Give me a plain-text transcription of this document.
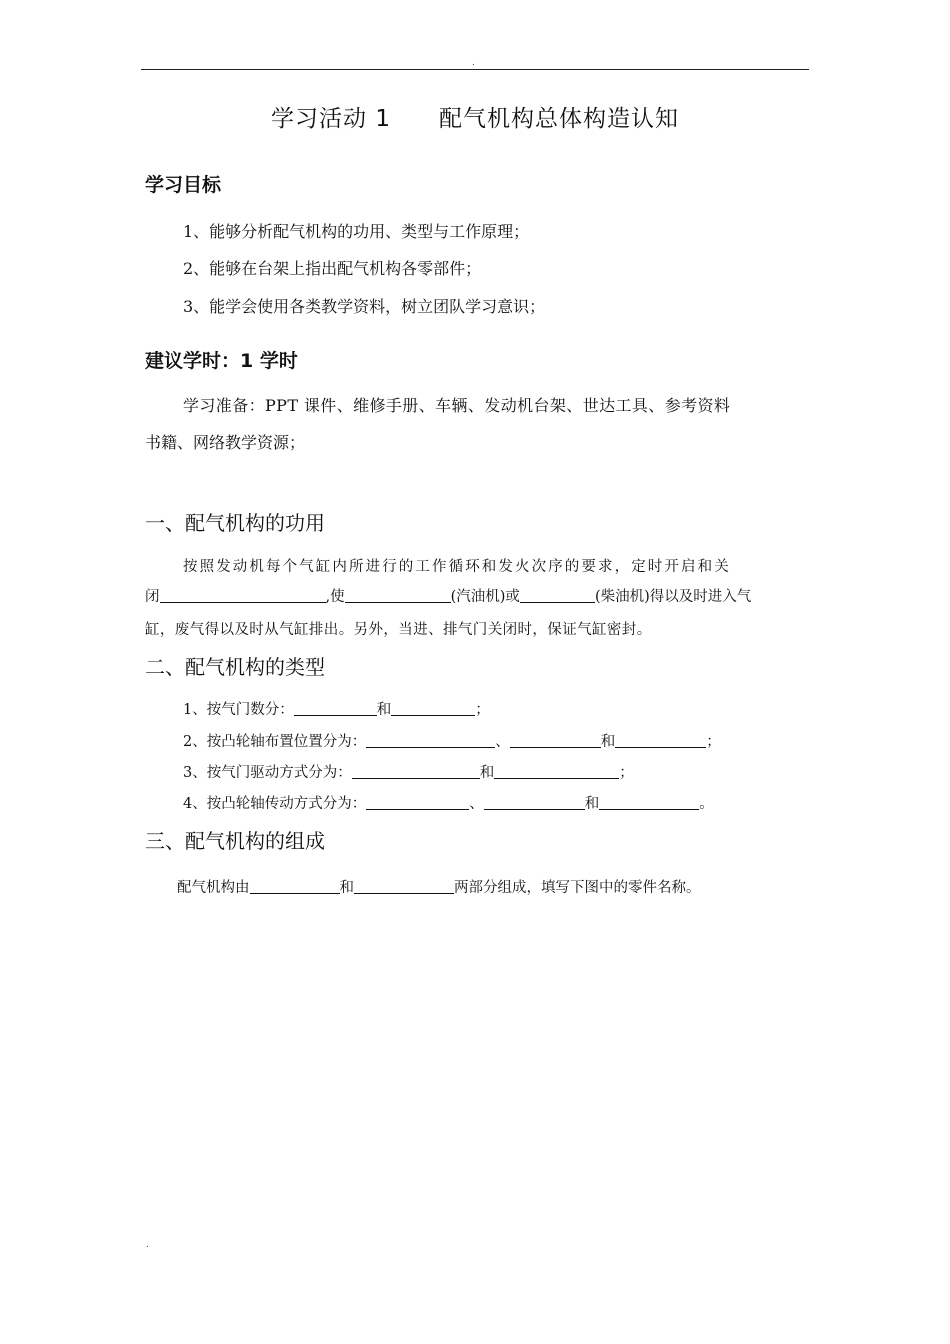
.
学习活动 1 配气机构总体构造认知
学习目标
1、能够分析配气机构的功用、类型与工作原理；
2、能够在台架上指出配气机构各零部件；
3、能学会使用各类教学资料，树立团队学习意识；
建议学时：1 学时
学习准备：PPT 课件、维修手册、车辆、发动机台架、世达工具、参考资料
书籍、网络教学资源；
一、配气机构的功用
按照发动机每个气缸内所进行的工作循环和发火次序的要求，定时开启和关
闭	,使	(汽油机)或	(柴油机)得以及时进入气
缸，废气得以及时从气缸排出。另外，当进、排气门关闭时，保证气缸密封。
二、配气机构的类型
1、按气门数分：	和	；
2、按凸轮轴布置位置分为：	、	和	；
3、按气门驱动方式分为：	和	；
4、按凸轮轴传动方式分为：	、	和	。
三、配气机构的组成
配气机构由	和	两部分组成，填写下图中的零件名称。
.
